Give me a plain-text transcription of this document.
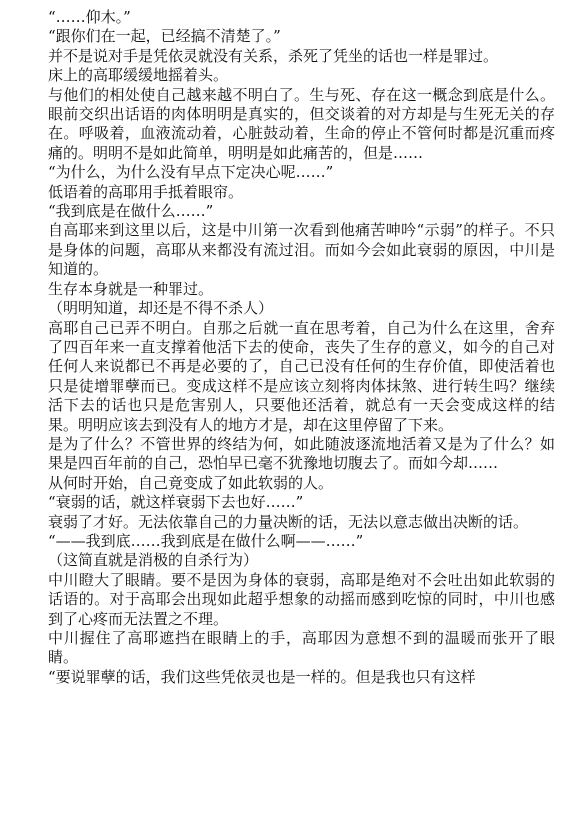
“……仰木。”

“跟你们在一起，已经搞不清楚了。”

并不是说对手是凭依灵就没有关系，杀死了凭坐的话也一样是罪过。

床上的高耶缓缓地摇着头。

与他们的相处使自己越来越不明白了。生与死、存在这一概念到底是什么。眼前交织出话语的肉体明明是真实的，但交谈着的对方却是与生死无关的存在。呼吸着，血液流动着，心脏鼓动着，生命的停止不管何时都是沉重而疼痛的。明明不是如此简单，明明是如此痛苦的，但是……

“为什么，为什么没有早点下定决心呢……”

低语着的高耶用手抵着眼帘。

“我到底是在做什么……”

自高耶来到这里以后，这是中川第一次看到他痛苦呻吟“示弱”的样子。不只是身体的问题，高耶从来都没有流过泪。而如今会如此衰弱的原因，中川是知道的。

生存本身就是一种罪过。

（明明知道，却还是不得不杀人）

高耶自己已弄不明白。自那之后就一直在思考着，自己为什么在这里，舍弃了四百年来一直支撑着他活下去的使命，丧失了生存的意义，如今的自己对任何人来说都已不再是必要的了，自己已没有任何的生存价值，即使活着也只是徒增罪孽而已。变成这样不是应该立刻将肉体抹煞、进行转生吗？继续活下去的话也只是危害别人，只要他还活着，就总有一天会变成这样的结果。明明应该去到没有人的地方才是，却在这里停留了下来。

是为了什么？不管世界的终结为何，如此随波逐流地活着又是为了什么？如果是四百年前的自己，恐怕早已毫不犹豫地切腹去了。而如今却……

从何时开始，自己竟变成了如此软弱的人。

“衰弱的话，就这样衰弱下去也好……”

衰弱了才好。无法依靠自己的力量决断的话，无法以意志做出决断的话。

“——我到底……我到底是在做什么啊——……”

（这简直就是消极的自杀行为）

中川瞪大了眼睛。要不是因为身体的衰弱，高耶是绝对不会吐出如此软弱的话语的。对于高耶会出现如此超乎想象的动摇而感到吃惊的同时，中川也感到了心疼而无法置之不理。

中川握住了高耶遮挡在眼睛上的手，高耶因为意想不到的温暖而张开了眼睛。

“要说罪孽的话，我们这些凭依灵也是一样的。但是我也只有这样
